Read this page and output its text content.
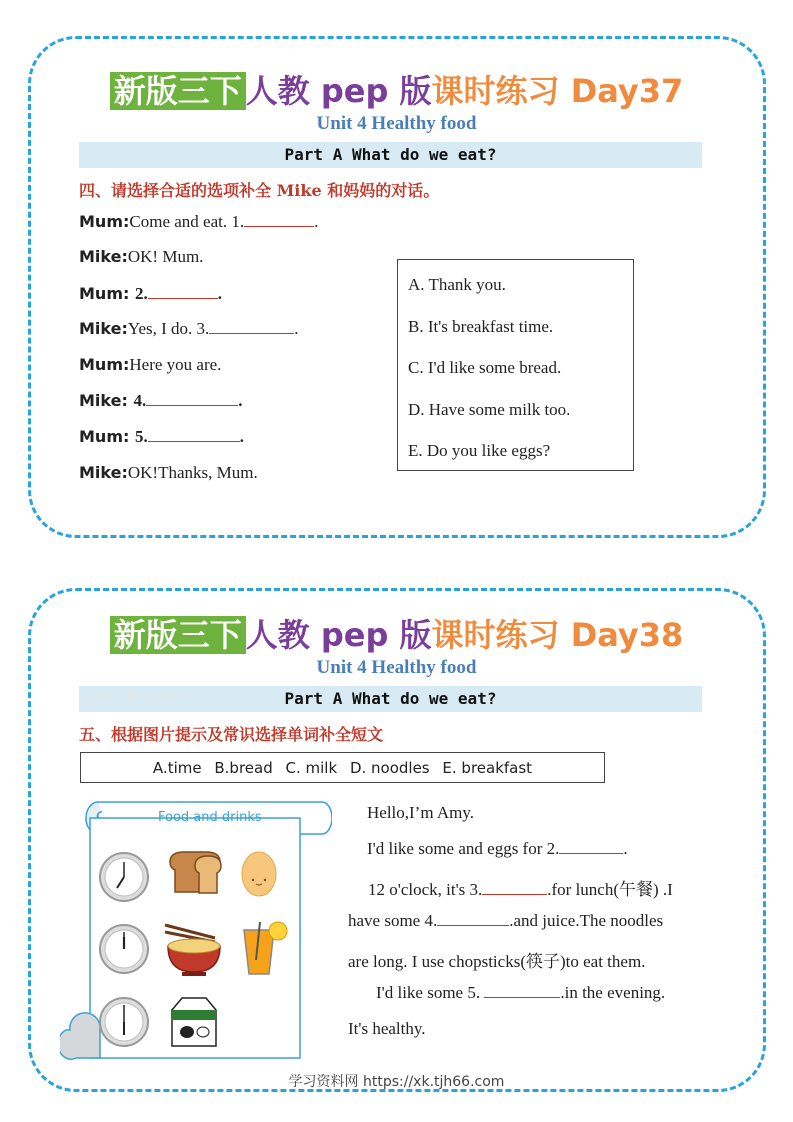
新版三下 人教 pep 版课时练习 Day37
Unit 4 Healthy food
Part A What do we eat?
四、请选择合适的选项补全 Mike 和妈妈的对话。
Mum:Come and eat. 1.	.
Mike:OK! Mum.
Mum: 2.	.
Mike:Yes, I do. 3.	.
Mum:Here you are.
Mike: 4.	.
Mum: 5.	.
Mike:OK!Thanks, Mum.
A. Thank you.
B. It's breakfast time.
C. I'd like some bread.
D. Have some milk too.
E. Do you like eggs?
新版三下 人教 pep 版课时练习 Day38
Unit 4 Healthy food
Part A What do we eat?
公众号：课时目标学习
五、根据图片提示及常识选择单词补全短文
A.time B.bread C. milk D. noodles E. breakfast
Food and drinks	Hello,I’m Amy.
I'd like some and eggs for 2.	.
12 o'clock, it's 3.	.for lunch(午餐) .I
have some 4.	.and juice.The noodles
are long. I use chopsticks(筷子)to eat them.
I'd like some 5.	.in the evening.
It's healthy.
学习资料网 https://xk.tjh66.com
